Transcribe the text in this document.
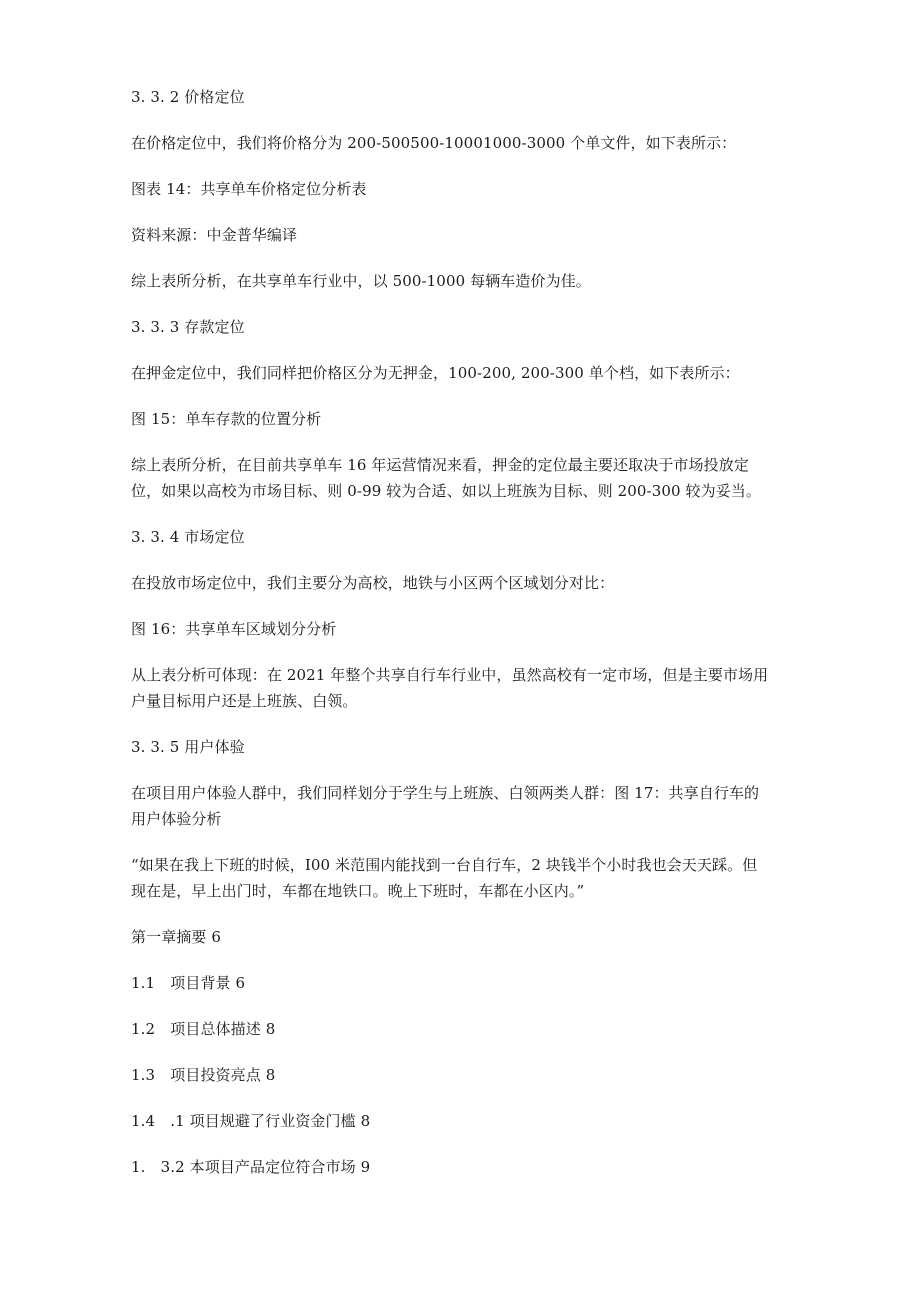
3. 3. 2 价格定位

在价格定位中，我们将价格分为 200-500500-10001000-3000 个单文件，如下表所示：

图表 14：共享单车价格定位分析表

资料来源：中金普华编译

综上表所分析，在共享单车行业中，以 500-1000 每辆车造价为佳。

3. 3. 3 存款定位

在押金定位中，我们同样把价格区分为无押金，100-200, 200-300 单个档，如下表所示：

图 15：单车存款的位置分析

综上表所分析，在目前共享单车 16 年运营情况来看，押金的定位最主要还取决于市场投放定

位，如果以高校为市场目标、则 0-99 较为合适、如以上班族为目标、则 200-300 较为妥当。

3. 3. 4 市场定位

在投放市场定位中，我们主要分为高校，地铁与小区两个区域划分对比：

图 16：共享单车区域划分分析

从上表分析可体现：在 2021 年整个共享自行车行业中，虽然高校有一定市场，但是主要市场用

户量目标用户还是上班族、白领。

3. 3. 5 用户体验

在项目用户体验人群中，我们同样划分于学生与上班族、白领两类人群：图 17：共享自行车的

用户体验分析

“如果在我上下班的时候，I00 米范围内能找到一台自行车，2 块钱半个小时我也会天天踩。但

现在是，早上出门时，车都在地铁口。晚上下班时，车都在小区内。”

第一章摘要 6

1.1　项目背景 6

1.2　项目总体描述 8

1.3　项目投资亮点 8

1.4　.1 项目规避了行业资金门槛 8

1.　3.2 本项目产品定位符合市场 9
